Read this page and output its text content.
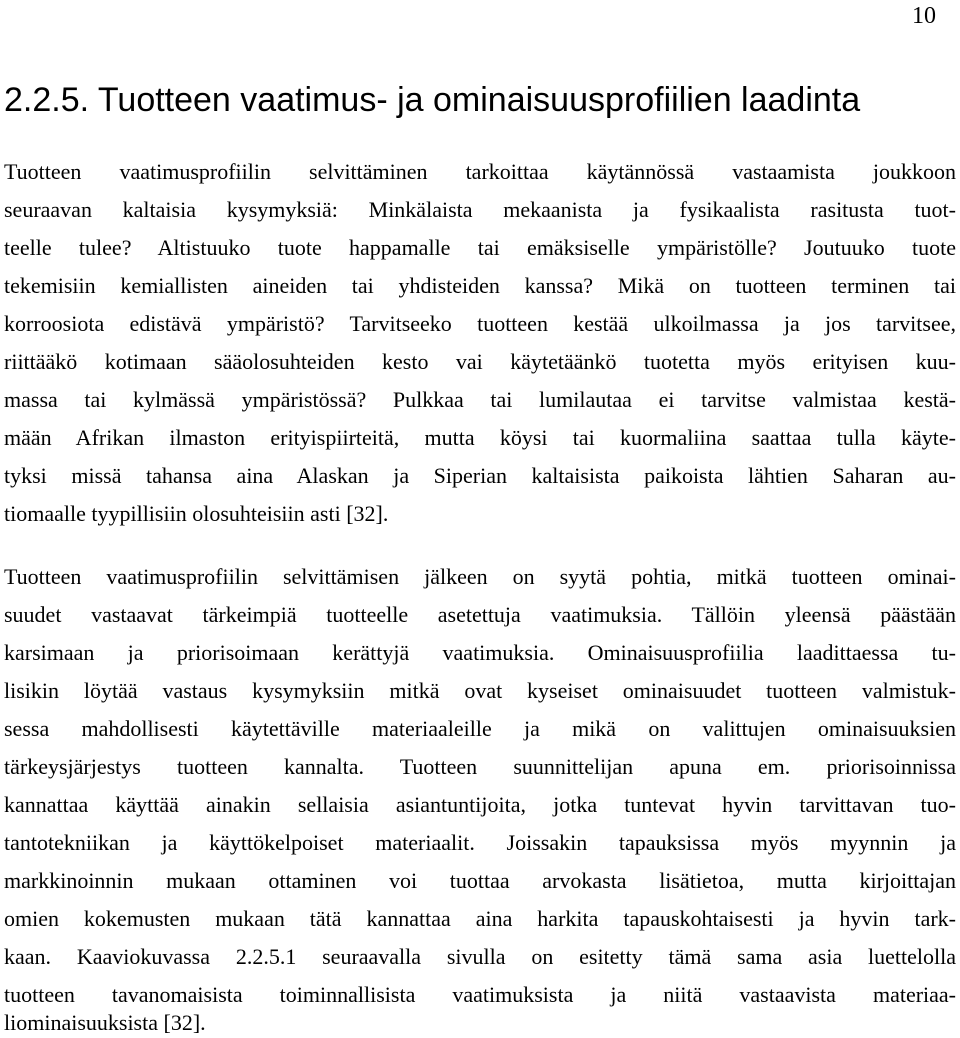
10
2.2.5. Tuotteen vaatimus- ja ominaisuusprofiilien laadinta

Tuotteen vaatimusprofiilin selvittäminen tarkoittaa käytännössä vastaamista joukkoon

seuraavan kaltaisia kysymyksiä: Minkälaista mekaanista ja fysikaalista rasitusta tuot-

teelle tulee? Altistuuko tuote happamalle tai emäksiselle ympäristölle? Joutuuko tuote

tekemisiin kemiallisten aineiden tai yhdisteiden kanssa? Mikä on tuotteen terminen tai

korroosiota edistävä ympäristö? Tarvitseeko tuotteen kestää ulkoilmassa ja jos tarvitsee,

riittääkö kotimaan sääolosuhteiden kesto vai käytetäänkö tuotetta myös erityisen kuu-

massa tai kylmässä ympäristössä? Pulkkaa tai lumilautaa ei tarvitse valmistaa kestä-

mään Afrikan ilmaston erityispiirteitä, mutta köysi tai kuormaliina saattaa tulla käyte-

tyksi missä tahansa aina Alaskan ja Siperian kaltaisista paikoista lähtien Saharan au-

tiomaalle tyypillisiin olosuhteisiin asti [32].

Tuotteen vaatimusprofiilin selvittämisen jälkeen on syytä pohtia, mitkä tuotteen ominai-

suudet vastaavat tärkeimpiä tuotteelle asetettuja vaatimuksia. Tällöin yleensä päästään

karsimaan ja priorisoimaan kerättyjä vaatimuksia. Ominaisuusprofiilia laadittaessa tu-

lisikin löytää vastaus kysymyksiin mitkä ovat kyseiset ominaisuudet tuotteen valmistuk-

sessa mahdollisesti käytettäville materiaaleille ja mikä on valittujen ominaisuuksien

tärkeysjärjestys tuotteen kannalta. Tuotteen suunnittelijan apuna em. priorisoinnissa

kannattaa käyttää ainakin sellaisia asiantuntijoita, jotka tuntevat hyvin tarvittavan tuo-

tantotekniikan ja käyttökelpoiset materiaalit. Joissakin tapauksissa myös myynnin ja

markkinoinnin mukaan ottaminen voi tuottaa arvokasta lisätietoa, mutta kirjoittajan

omien kokemusten mukaan tätä kannattaa aina harkita tapauskohtaisesti ja hyvin tark-

kaan. Kaaviokuvassa 2.2.5.1 seuraavalla sivulla on esitetty tämä sama asia luettelolla

tuotteen tavanomaisista toiminnallisista vaatimuksista ja niitä vastaavista materiaa-

liominaisuuksista [32].
